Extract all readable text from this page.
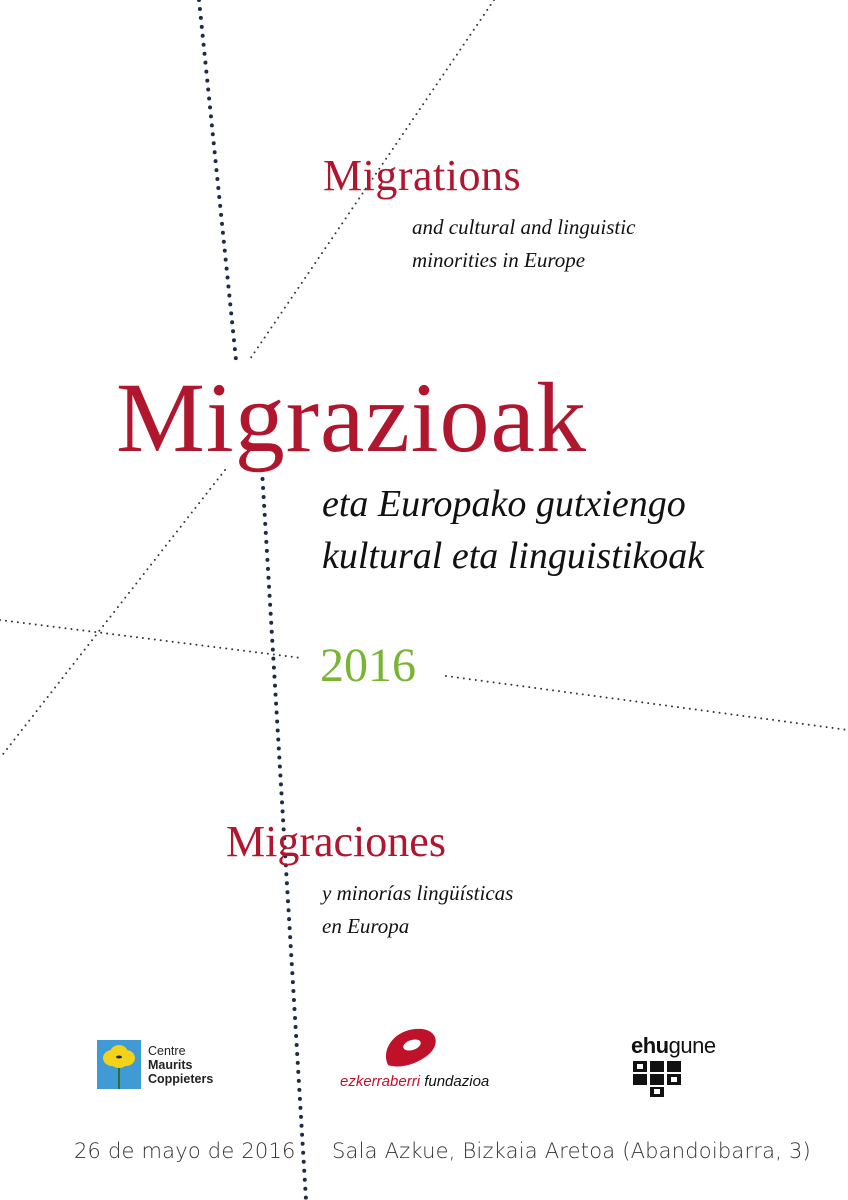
Migrations
and cultural and linguistic
minorities in Europe
Migrazioak
eta Europako gutxiengo
kultural eta linguistikoak
2016
Migraciones
y minorías lingüísticas
en Europa
Centre
Maurits
Coppieters	ezkerraberri fundazioa
ehugune
26 de mayo de 2016 Sala Azkue, Bizkaia Aretoa (Abandoibarra, 3)
